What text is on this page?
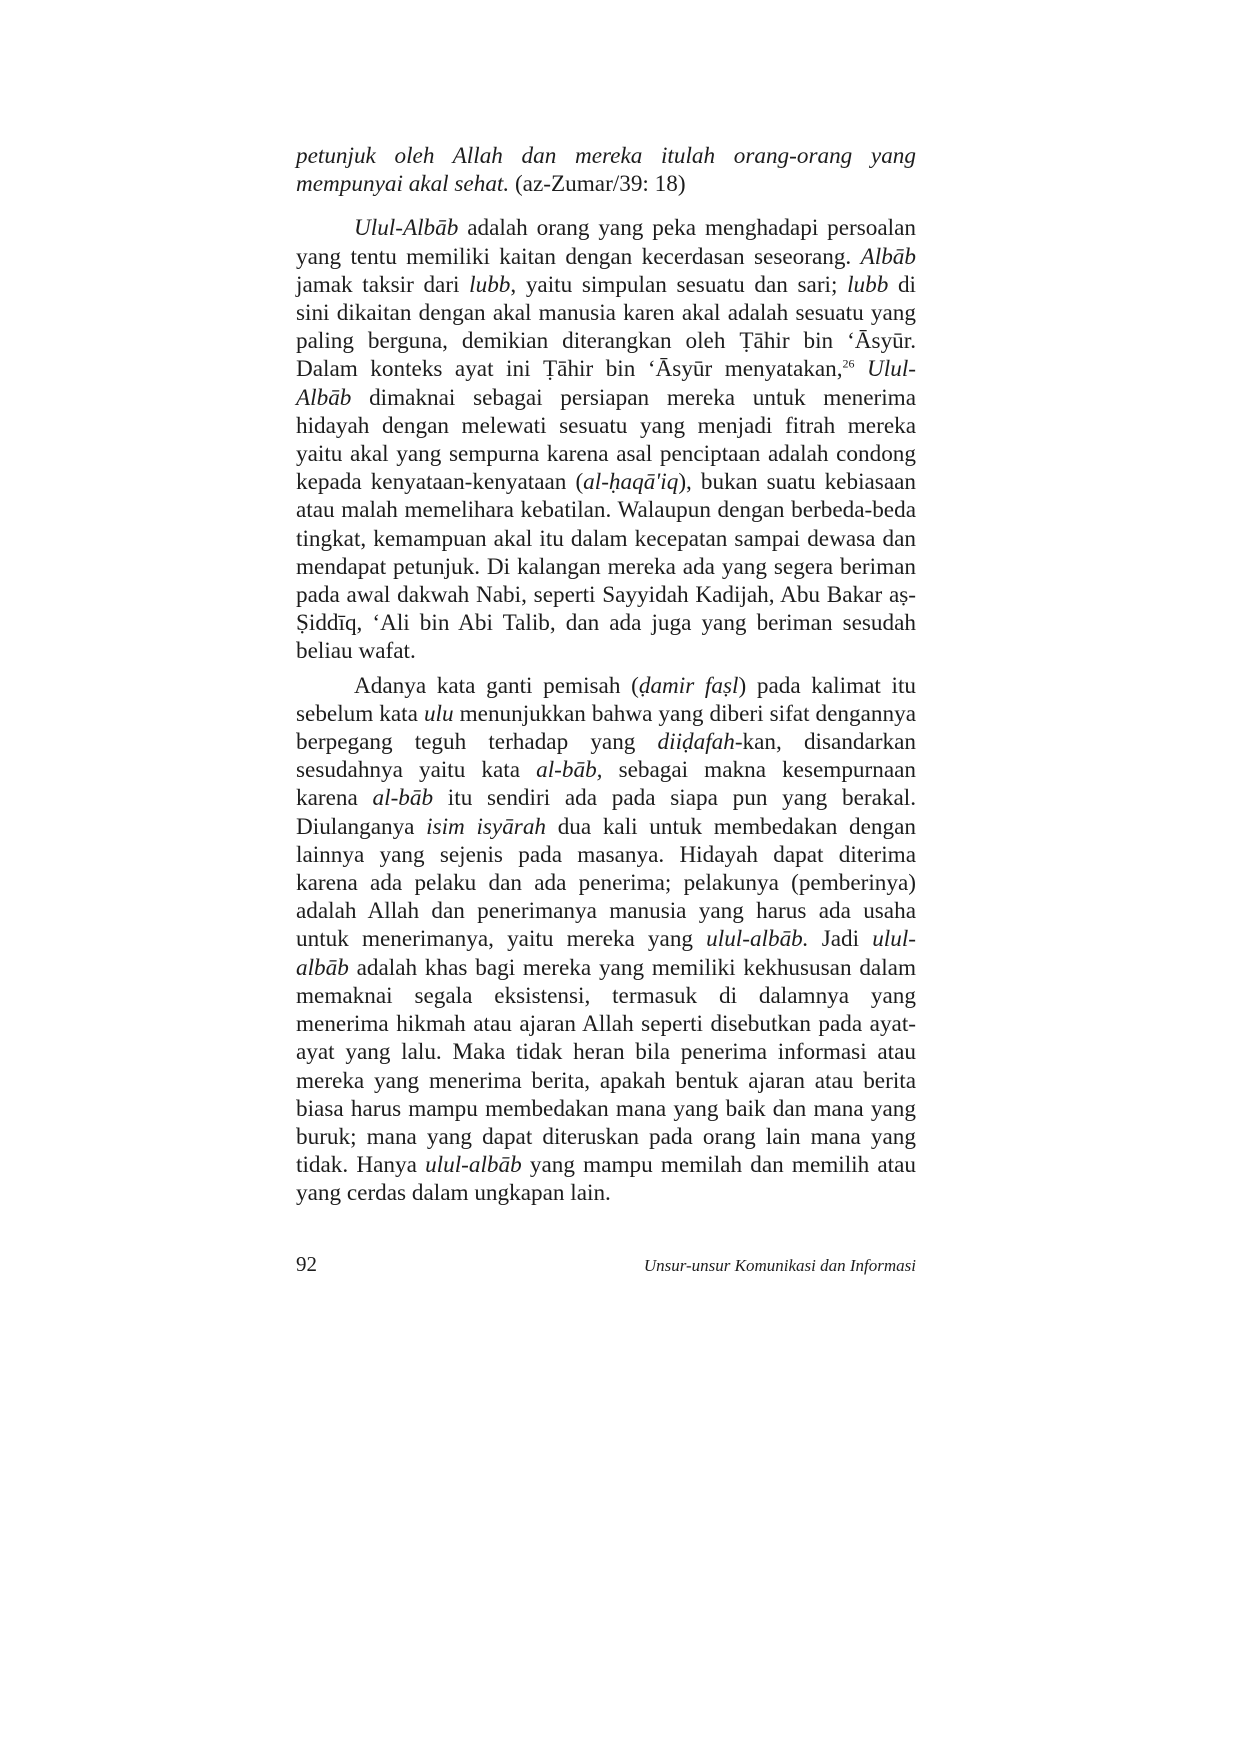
petunjuk oleh Allah dan mereka itulah orang-orang yang mempunyai akal sehat. (az-Zumar/39: 18)

Ulul-Albāb adalah orang yang peka menghadapi persoalan yang tentu memiliki kaitan dengan kecerdasan seseorang. Albāb jamak taksir dari lubb, yaitu simpulan sesuatu dan sari; lubb di sini dikaitan dengan akal manusia karen akal adalah sesuatu yang paling berguna, demikian diterangkan oleh Ṭāhir bin ‘Āsyūr. Dalam konteks ayat ini Ṭāhir bin ‘Āsyūr menyatakan,$^{26}$ Ulul-Albāb dimaknai sebagai persiapan mereka untuk menerima hidayah dengan melewati sesuatu yang menjadi fitrah mereka yaitu akal yang sempurna karena asal penciptaan adalah condong kepada kenyataan-kenyataan (al-ḥaqā'iq), bukan suatu kebiasaan atau malah memelihara kebatilan. Walaupun dengan berbeda-beda tingkat, kemampuan akal itu dalam kecepatan sampai dewasa dan mendapat petunjuk. Di kalangan mereka ada yang segera beriman pada awal dakwah Nabi, seperti Sayyidah Kadijah, Abu Bakar aṣ-Ṣiddīq, ‘Ali bin Abi Talib, dan ada juga yang beriman sesudah beliau wafat.

Adanya kata ganti pemisah (ḍamir faṣl) pada kalimat itu sebelum kata ulu menunjukkan bahwa yang diberi sifat dengannya berpegang teguh terhadap yang diiḍafah-kan, disandarkan sesudahnya yaitu kata al-bāb, sebagai makna kesempurnaan karena al-bāb itu sendiri ada pada siapa pun yang berakal. Diulanganya isim isyārah dua kali untuk membedakan dengan lainnya yang sejenis pada masanya. Hidayah dapat diterima karena ada pelaku dan ada penerima; pelakunya (pemberinya) adalah Allah dan penerimanya manusia yang harus ada usaha untuk menerimanya, yaitu mereka yang ulul-albāb. Jadi ulul-albāb adalah khas bagi mereka yang memiliki kekhususan dalam memaknai segala eksistensi, termasuk di dalamnya yang menerima hikmah atau ajaran Allah seperti disebutkan pada ayat-ayat yang lalu. Maka tidak heran bila penerima informasi atau mereka yang menerima berita, apakah bentuk ajaran atau berita biasa harus mampu membedakan mana yang baik dan mana yang buruk; mana yang dapat diteruskan pada orang lain mana yang tidak. Hanya ulul-albāb yang mampu memilah dan memilih atau yang cerdas dalam ungkapan lain.

92	Unsur-unsur Komunikasi dan Informasi
